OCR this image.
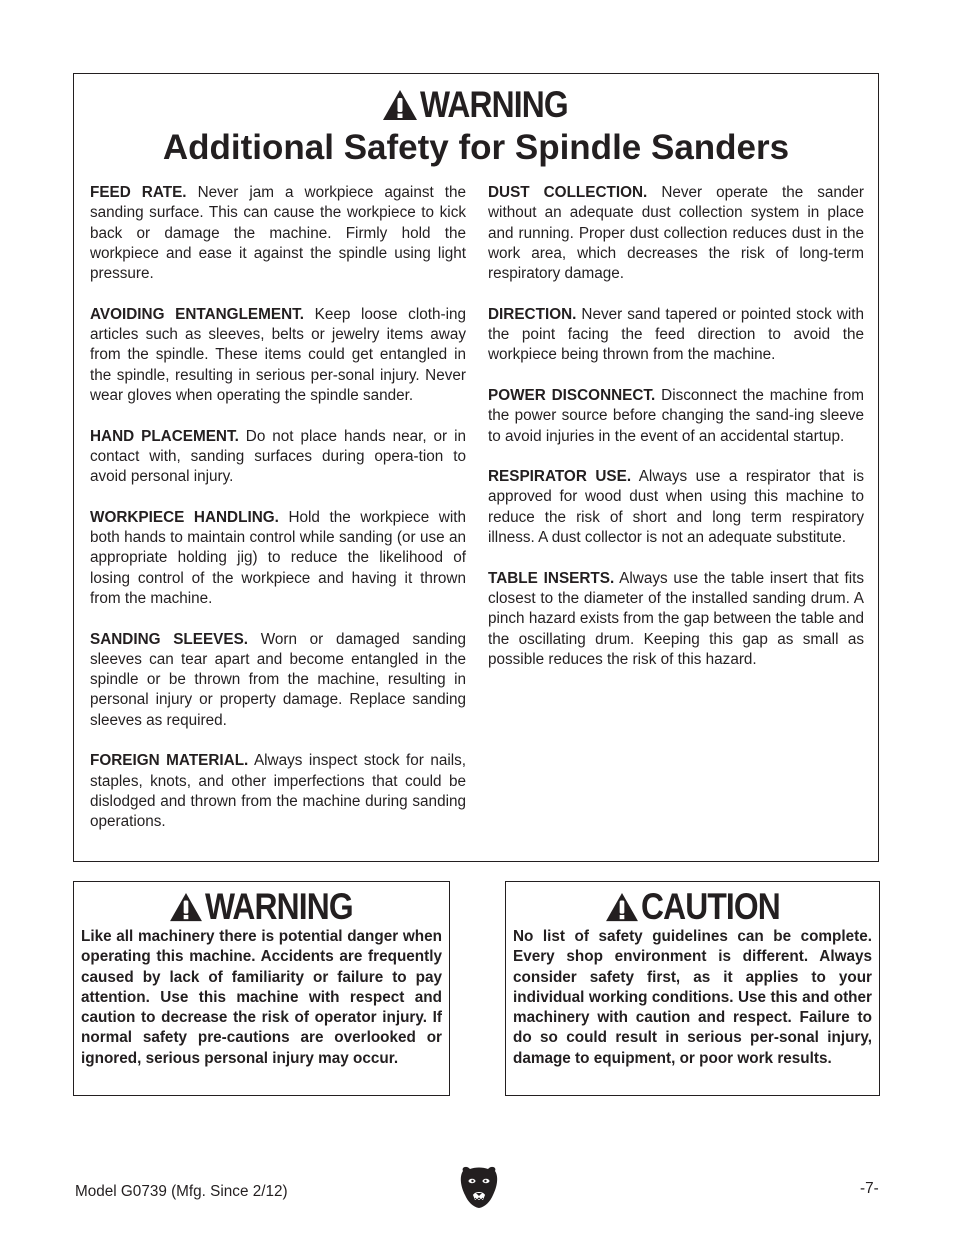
WARNING
Additional Safety for Spindle Sanders

FEED RATE. Never jam a workpiece against the sanding surface. This can cause the workpiece to kick back or damage the machine. Firmly hold the workpiece and ease it against the spindle using light pressure.

AVOIDING ENTANGLEMENT. Keep loose cloth-ing articles such as sleeves, belts or jewelry items away from the spindle. These items could get entangled in the spindle, resulting in serious per-sonal injury. Never wear gloves when operating the spindle sander.

HAND PLACEMENT. Do not place hands near, or in contact with, sanding surfaces during opera-tion to avoid personal injury.

WORKPIECE HANDLING. Hold the workpiece with both hands to maintain control while sanding (or use an appropriate holding jig) to reduce the likelihood of losing control of the workpiece and having it thrown from the machine.

SANDING SLEEVES. Worn or damaged sanding sleeves can tear apart and become entangled in the spindle or be thrown from the machine, resulting in personal injury or property damage. Replace sanding sleeves as required.

FOREIGN MATERIAL. Always inspect stock for nails, staples, knots, and other imperfections that could be dislodged and thrown from the machine during sanding operations.

DUST COLLECTION. Never operate the sander without an adequate dust collection system in place and running. Proper dust collection reduces dust in the work area, which decreases the risk of long-term respiratory damage.

DIRECTION. Never sand tapered or pointed stock with the point facing the feed direction to avoid the workpiece being thrown from the machine.

POWER DISCONNECT. Disconnect the machine from the power source before changing the sand-ing sleeve to avoid injuries in the event of an accidental startup.

RESPIRATOR USE. Always use a respirator that is approved for wood dust when using this machine to reduce the risk of short and long term respiratory illness. A dust collector is not an adequate substitute.

TABLE INSERTS. Always use the table insert that fits closest to the diameter of the installed sanding drum. A pinch hazard exists from the gap between the table and the oscillating drum. Keeping this gap as small as possible reduces the risk of this hazard.

WARNING
Like all machinery there is potential danger when operating this machine. Accidents are frequently caused by lack of familiarity or failure to pay attention. Use this machine with respect and caution to decrease the risk of operator injury. If normal safety pre-cautions are overlooked or ignored, serious personal injury may occur.
CAUTION
No list of safety guidelines can be complete. Every shop environment is different. Always consider safety first, as it applies to your individual working conditions. Use this and other machinery with caution and respect. Failure to do so could result in serious per-sonal injury, damage to equipment, or poor work results.
Model G0739 (Mfg. Since 2/12)	-7-
